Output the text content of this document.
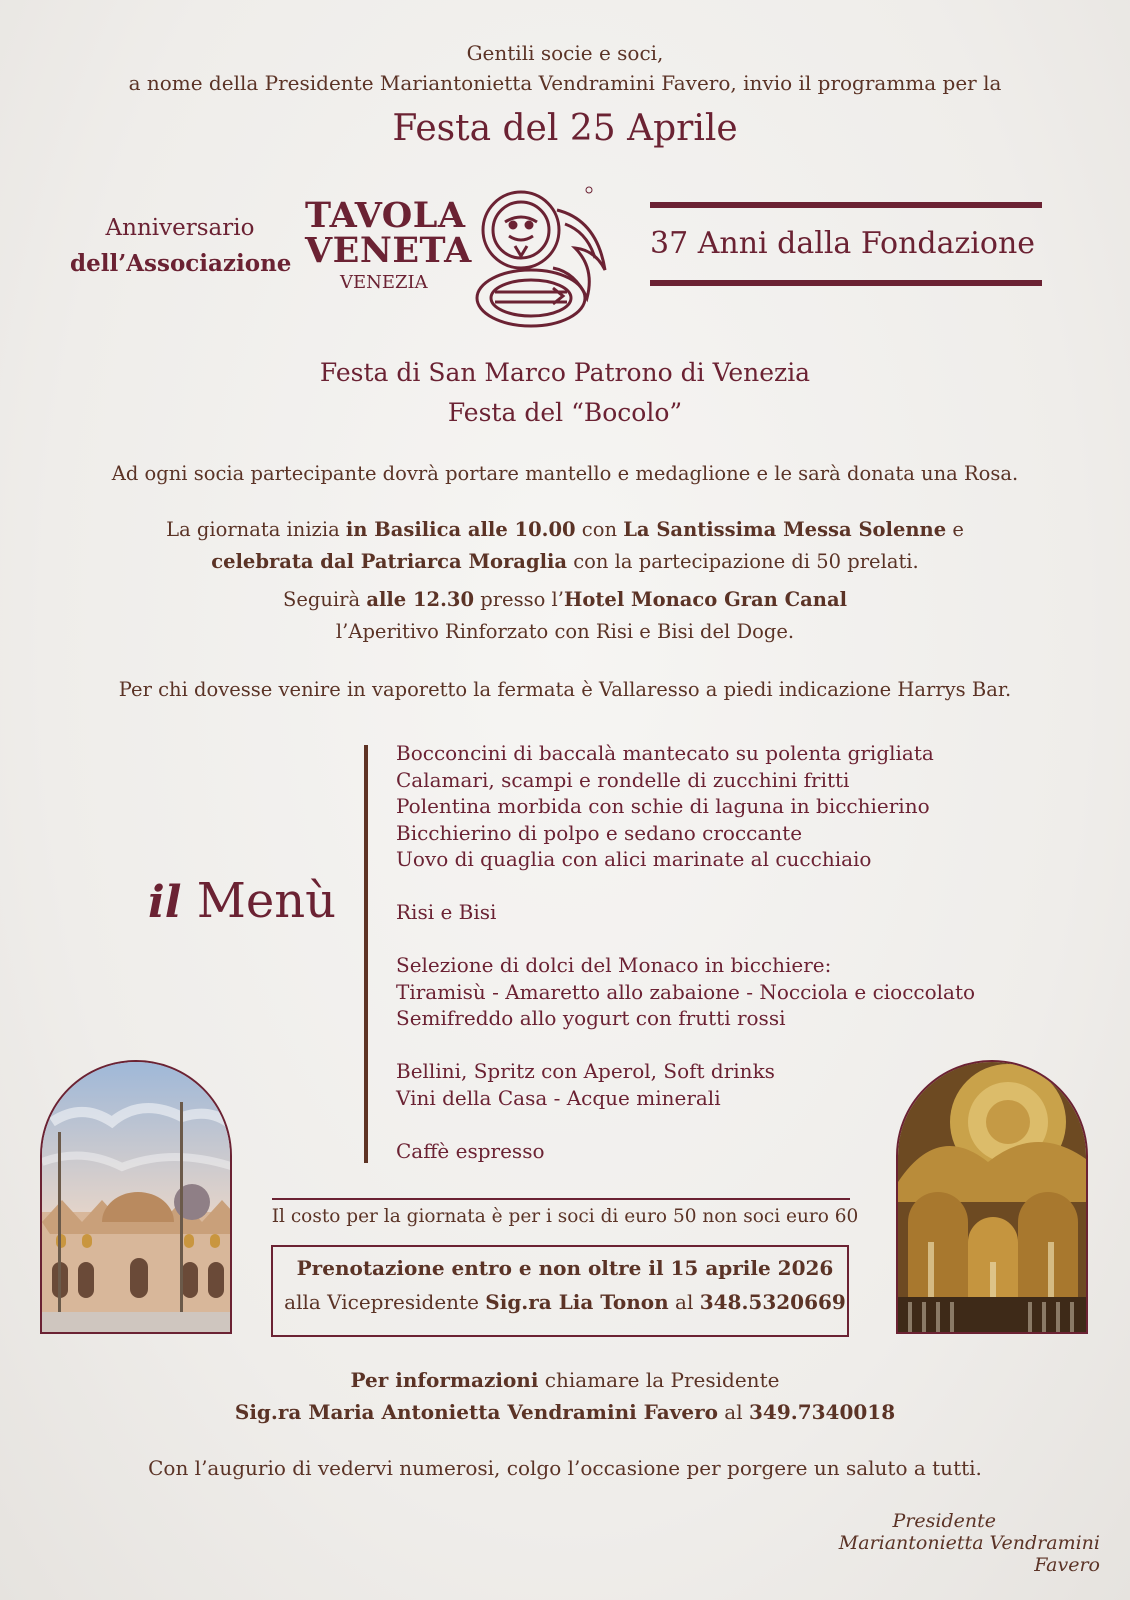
Gentili socie e soci,
a nome della Presidente Mariantonietta Vendramini Favero, invio il programma per la
Festa del 25 Aprile
Anniversario
dell’Associazione
TAVOLA
VENETA
VENEZIA
37 Anni dalla Fondazione
Festa di San Marco Patrono di Venezia
Festa del “Bocolo”
Ad ogni socia partecipante dovrà portare mantello e medaglione e le sarà donata una Rosa.
La giornata inizia in Basilica alle 10.00 con La Santissima Messa Solenne e
celebrata dal Patriarca Moraglia con la partecipazione di 50 prelati.
Seguirà alle 12.30 presso l’Hotel Monaco Gran Canal
l’Aperitivo Rinforzato con Risi e Bisi del Doge.
Per chi dovesse venire in vaporetto la fermata è Vallaresso a piedi indicazione Harrys Bar.
il Menù
Bocconcini di baccalà mantecato su polenta grigliata
Calamari, scampi e rondelle di zucchini fritti
Polentina morbida con schie di laguna in bicchierino
Bicchierino di polpo e sedano croccante
Uovo di quaglia con alici marinate al cucchiaio

Risi e Bisi

Selezione di dolci del Monaco in bicchiere:
Tiramisù - Amaretto allo zabaione - Nocciola e cioccolato
Semifreddo allo yogurt con frutti rossi

Bellini, Spritz con Aperol, Soft drinks
Vini della Casa - Acque minerali

Caffè espresso
Il costo per la giornata è per i soci di euro 50 non soci euro 60
Prenotazione entro e non oltre il 15 aprile 2026
alla Vicepresidente Sig.ra Lia Tonon al 348.5320669
Per informazioni chiamare la Presidente
Sig.ra Maria Antonietta Vendramini Favero al 349.7340018
Con l’augurio di vedervi numerosi, colgo l’occasione per porgere un saluto a tutti.
Presidente
Mariantonietta Vendramini Favero
